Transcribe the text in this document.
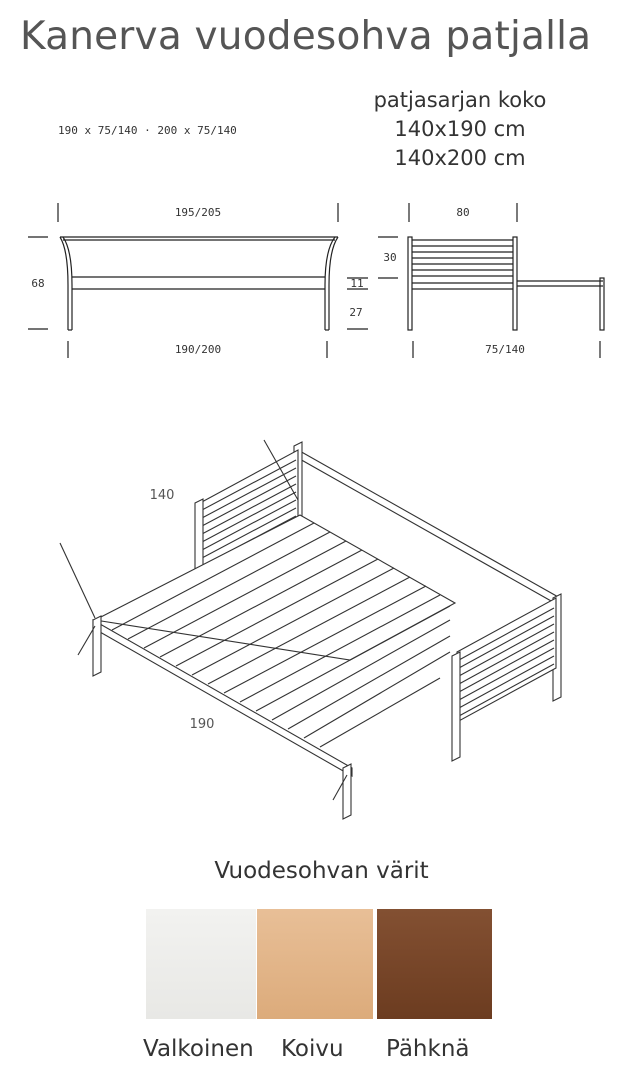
Kanerva vuodesohva patjalla
190 x 75/140 · 200 x 75/140
patjasarjan koko
140x190 cm
140x200 cm
195/205
68	11
27
190/200
80
30
75/140
140
190
Vuodesohvan värit
Valkoinen Koivu Pähknä
